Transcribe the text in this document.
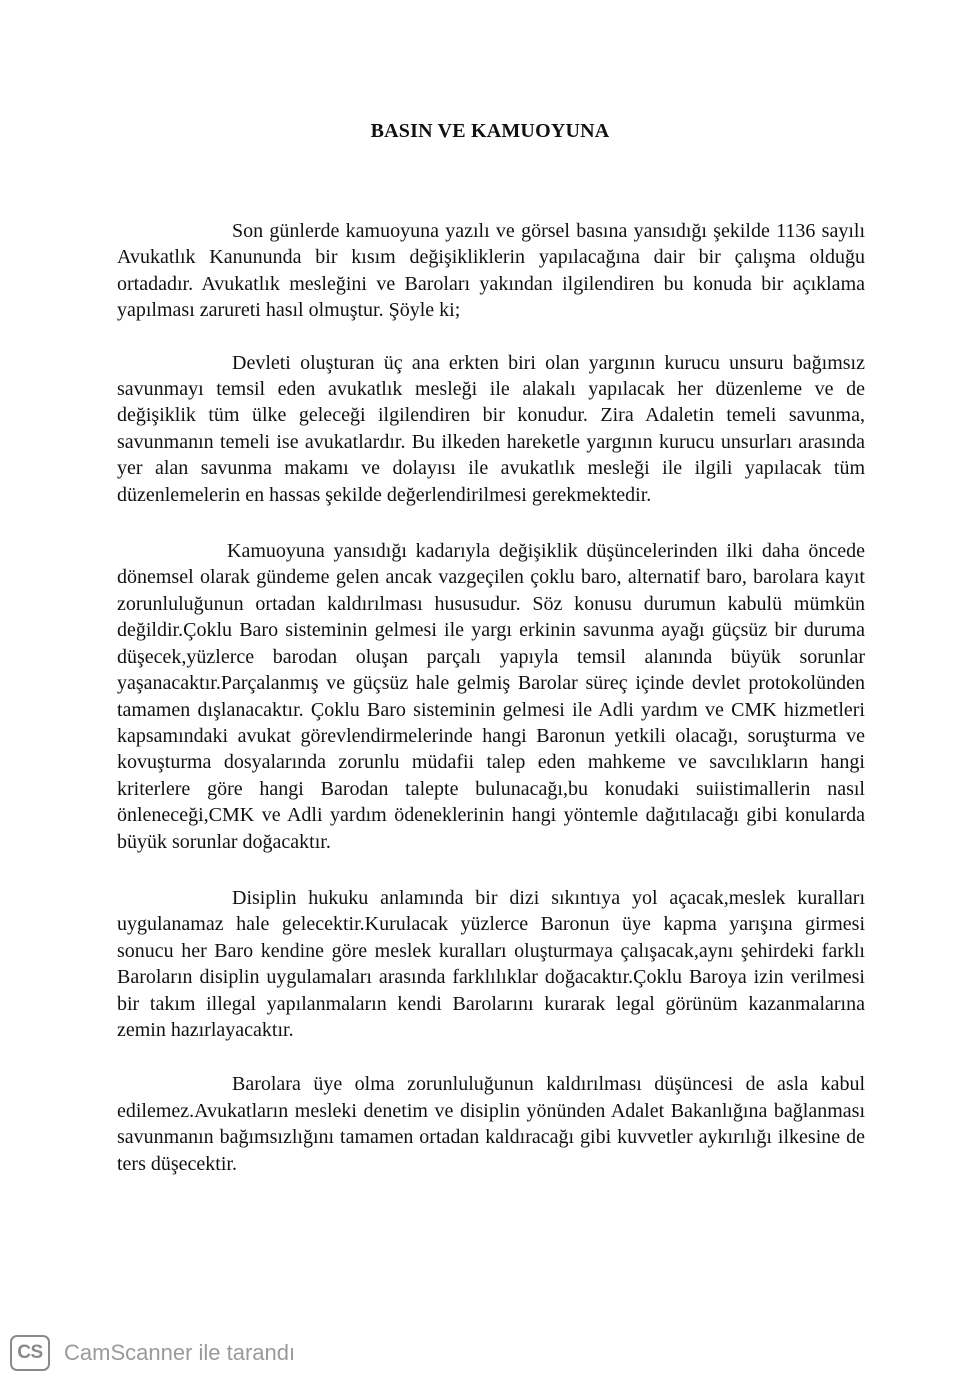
BASIN VE KAMUOYUNA

Son günlerde kamuoyuna yazılı ve görsel basına yansıdığı şekilde 1136 sayılı Avukatlık Kanununda bir kısım değişikliklerin yapılacağına dair bir çalışma olduğu ortadadır. Avukatlık mesleğini ve Baroları yakından ilgilendiren bu konuda bir açıklama yapılması zarureti hasıl olmuştur. Şöyle ki;

Devleti oluşturan üç ana erkten biri olan yargının kurucu unsuru bağımsız savunmayı temsil eden avukatlık mesleği ile alakalı yapılacak her düzenleme ve de değişiklik tüm ülke geleceği ilgilendiren bir konudur. Zira Adaletin temeli savunma, savunmanın temeli ise avukatlardır. Bu ilkeden hareketle yargının kurucu unsurları arasında yer alan savunma makamı ve dolayısı ile avukatlık mesleği ile ilgili yapılacak tüm düzenlemelerin en hassas şekilde değerlendirilmesi gerekmektedir.

Kamuoyuna yansıdığı kadarıyla değişiklik düşüncelerinden ilki daha öncede dönemsel olarak gündeme gelen ancak vazgeçilen çoklu baro, alternatif baro, barolara kayıt zorunluluğunun ortadan kaldırılması hususudur. Söz konusu durumun kabulü mümkün değildir.Çoklu Baro sisteminin gelmesi ile yargı erkinin savunma ayağı güçsüz bir duruma düşecek,yüzlerce barodan oluşan parçalı yapıyla temsil alanında büyük sorunlar yaşanacaktır.Parçalanmış ve güçsüz hale gelmiş Barolar süreç içinde devlet protokolünden tamamen dışlanacaktır. Çoklu Baro sisteminin gelmesi ile Adli yardım ve CMK hizmetleri kapsamındaki avukat görevlendirmelerinde hangi Baronun yetkili olacağı, soruşturma ve kovuşturma dosyalarında zorunlu müdafii talep eden mahkeme ve savcılıkların hangi kriterlere göre hangi Barodan talepte bulunacağı,bu konudaki suiistimallerin nasıl önleneceği,CMK ve Adli yardım ödeneklerinin hangi yöntemle dağıtılacağı gibi konularda büyük sorunlar doğacaktır.

Disiplin hukuku anlamında bir dizi sıkıntıya yol açacak,meslek kuralları uygulanamaz hale gelecektir.Kurulacak yüzlerce Baronun üye kapma yarışına girmesi sonucu her Baro kendine göre meslek kuralları oluşturmaya çalışacak,aynı şehirdeki farklı Baroların disiplin uygulamaları arasında farklılıklar doğacaktır.Çoklu Baroya izin verilmesi bir takım illegal yapılanmaların kendi Barolarını kurarak legal görünüm kazanmalarına zemin hazırlayacaktır.

Barolara üye olma zorunluluğunun kaldırılması düşüncesi de asla kabul edilemez.Avukatların mesleki denetim ve disiplin yönünden Adalet Bakanlığına bağlanması savunmanın bağımsızlığını tamamen ortadan kaldıracağı gibi kuvvetler aykırılığı ilkesine de ters düşecektir.

CS CamScanner ile tarandı
